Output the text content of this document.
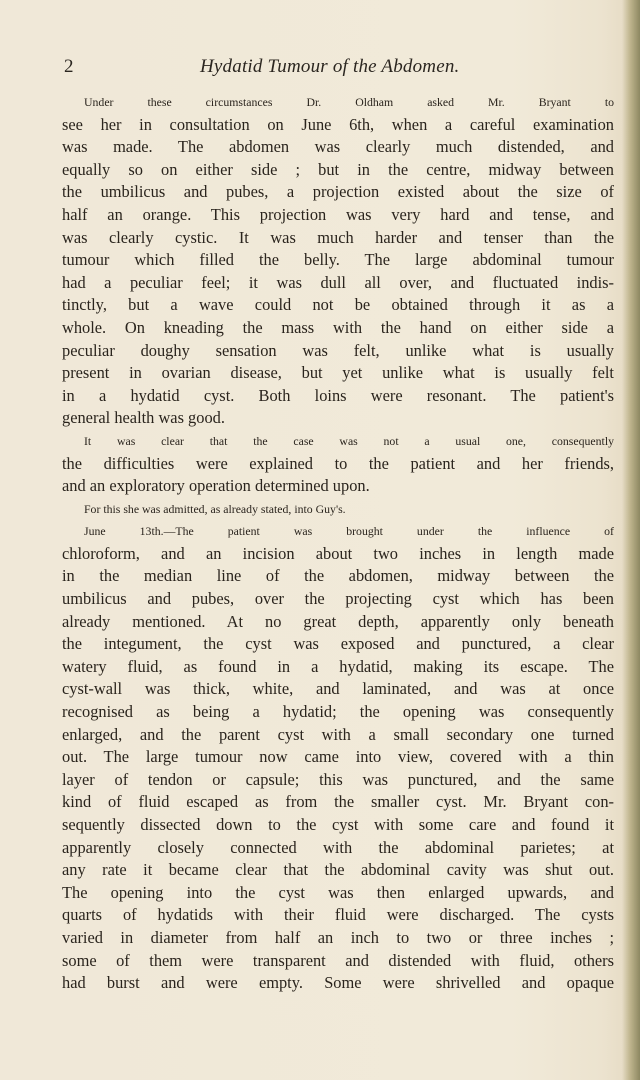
2	Hydatid Tumour of the Abdomen.
Under these circumstances Dr. Oldham asked Mr. Bryant to
see her in consultation on June 6th, when a careful examination
was made. The abdomen was clearly much distended, and
equally so on either side ; but in the centre, midway between
the umbilicus and pubes, a projection existed about the size of
half an orange. This projection was very hard and tense, and
was clearly cystic. It was much harder and tenser than the
tumour which filled the belly. The large abdominal tumour
had a peculiar feel; it was dull all over, and fluctuated indis-
tinctly, but a wave could not be obtained through it as a
whole. On kneading the mass with the hand on either side a
peculiar doughy sensation was felt, unlike what is usually
present in ovarian disease, but yet unlike what is usually felt
in a hydatid cyst. Both loins were resonant. The patient's
general health was good.
It was clear that the case was not a usual one, consequently
the difficulties were explained to the patient and her friends,
and an exploratory operation determined upon.
For this she was admitted, as already stated, into Guy's.
June 13th.—The patient was brought under the influence of
chloroform, and an incision about two inches in length made
in the median line of the abdomen, midway between the
umbilicus and pubes, over the projecting cyst which has been
already mentioned. At no great depth, apparently only beneath
the integument, the cyst was exposed and punctured, a clear
watery fluid, as found in a hydatid, making its escape. The
cyst-wall was thick, white, and laminated, and was at once
recognised as being a hydatid; the opening was consequently
enlarged, and the parent cyst with a small secondary one turned
out. The large tumour now came into view, covered with a thin
layer of tendon or capsule; this was punctured, and the same
kind of fluid escaped as from the smaller cyst. Mr. Bryant con-
sequently dissected down to the cyst with some care and found it
apparently closely connected with the abdominal parietes; at
any rate it became clear that the abdominal cavity was shut out.
The opening into the cyst was then enlarged upwards, and
quarts of hydatids with their fluid were discharged. The cysts
varied in diameter from half an inch to two or three inches ;
some of them were transparent and distended with fluid, others
had burst and were empty. Some were shrivelled and opaque
